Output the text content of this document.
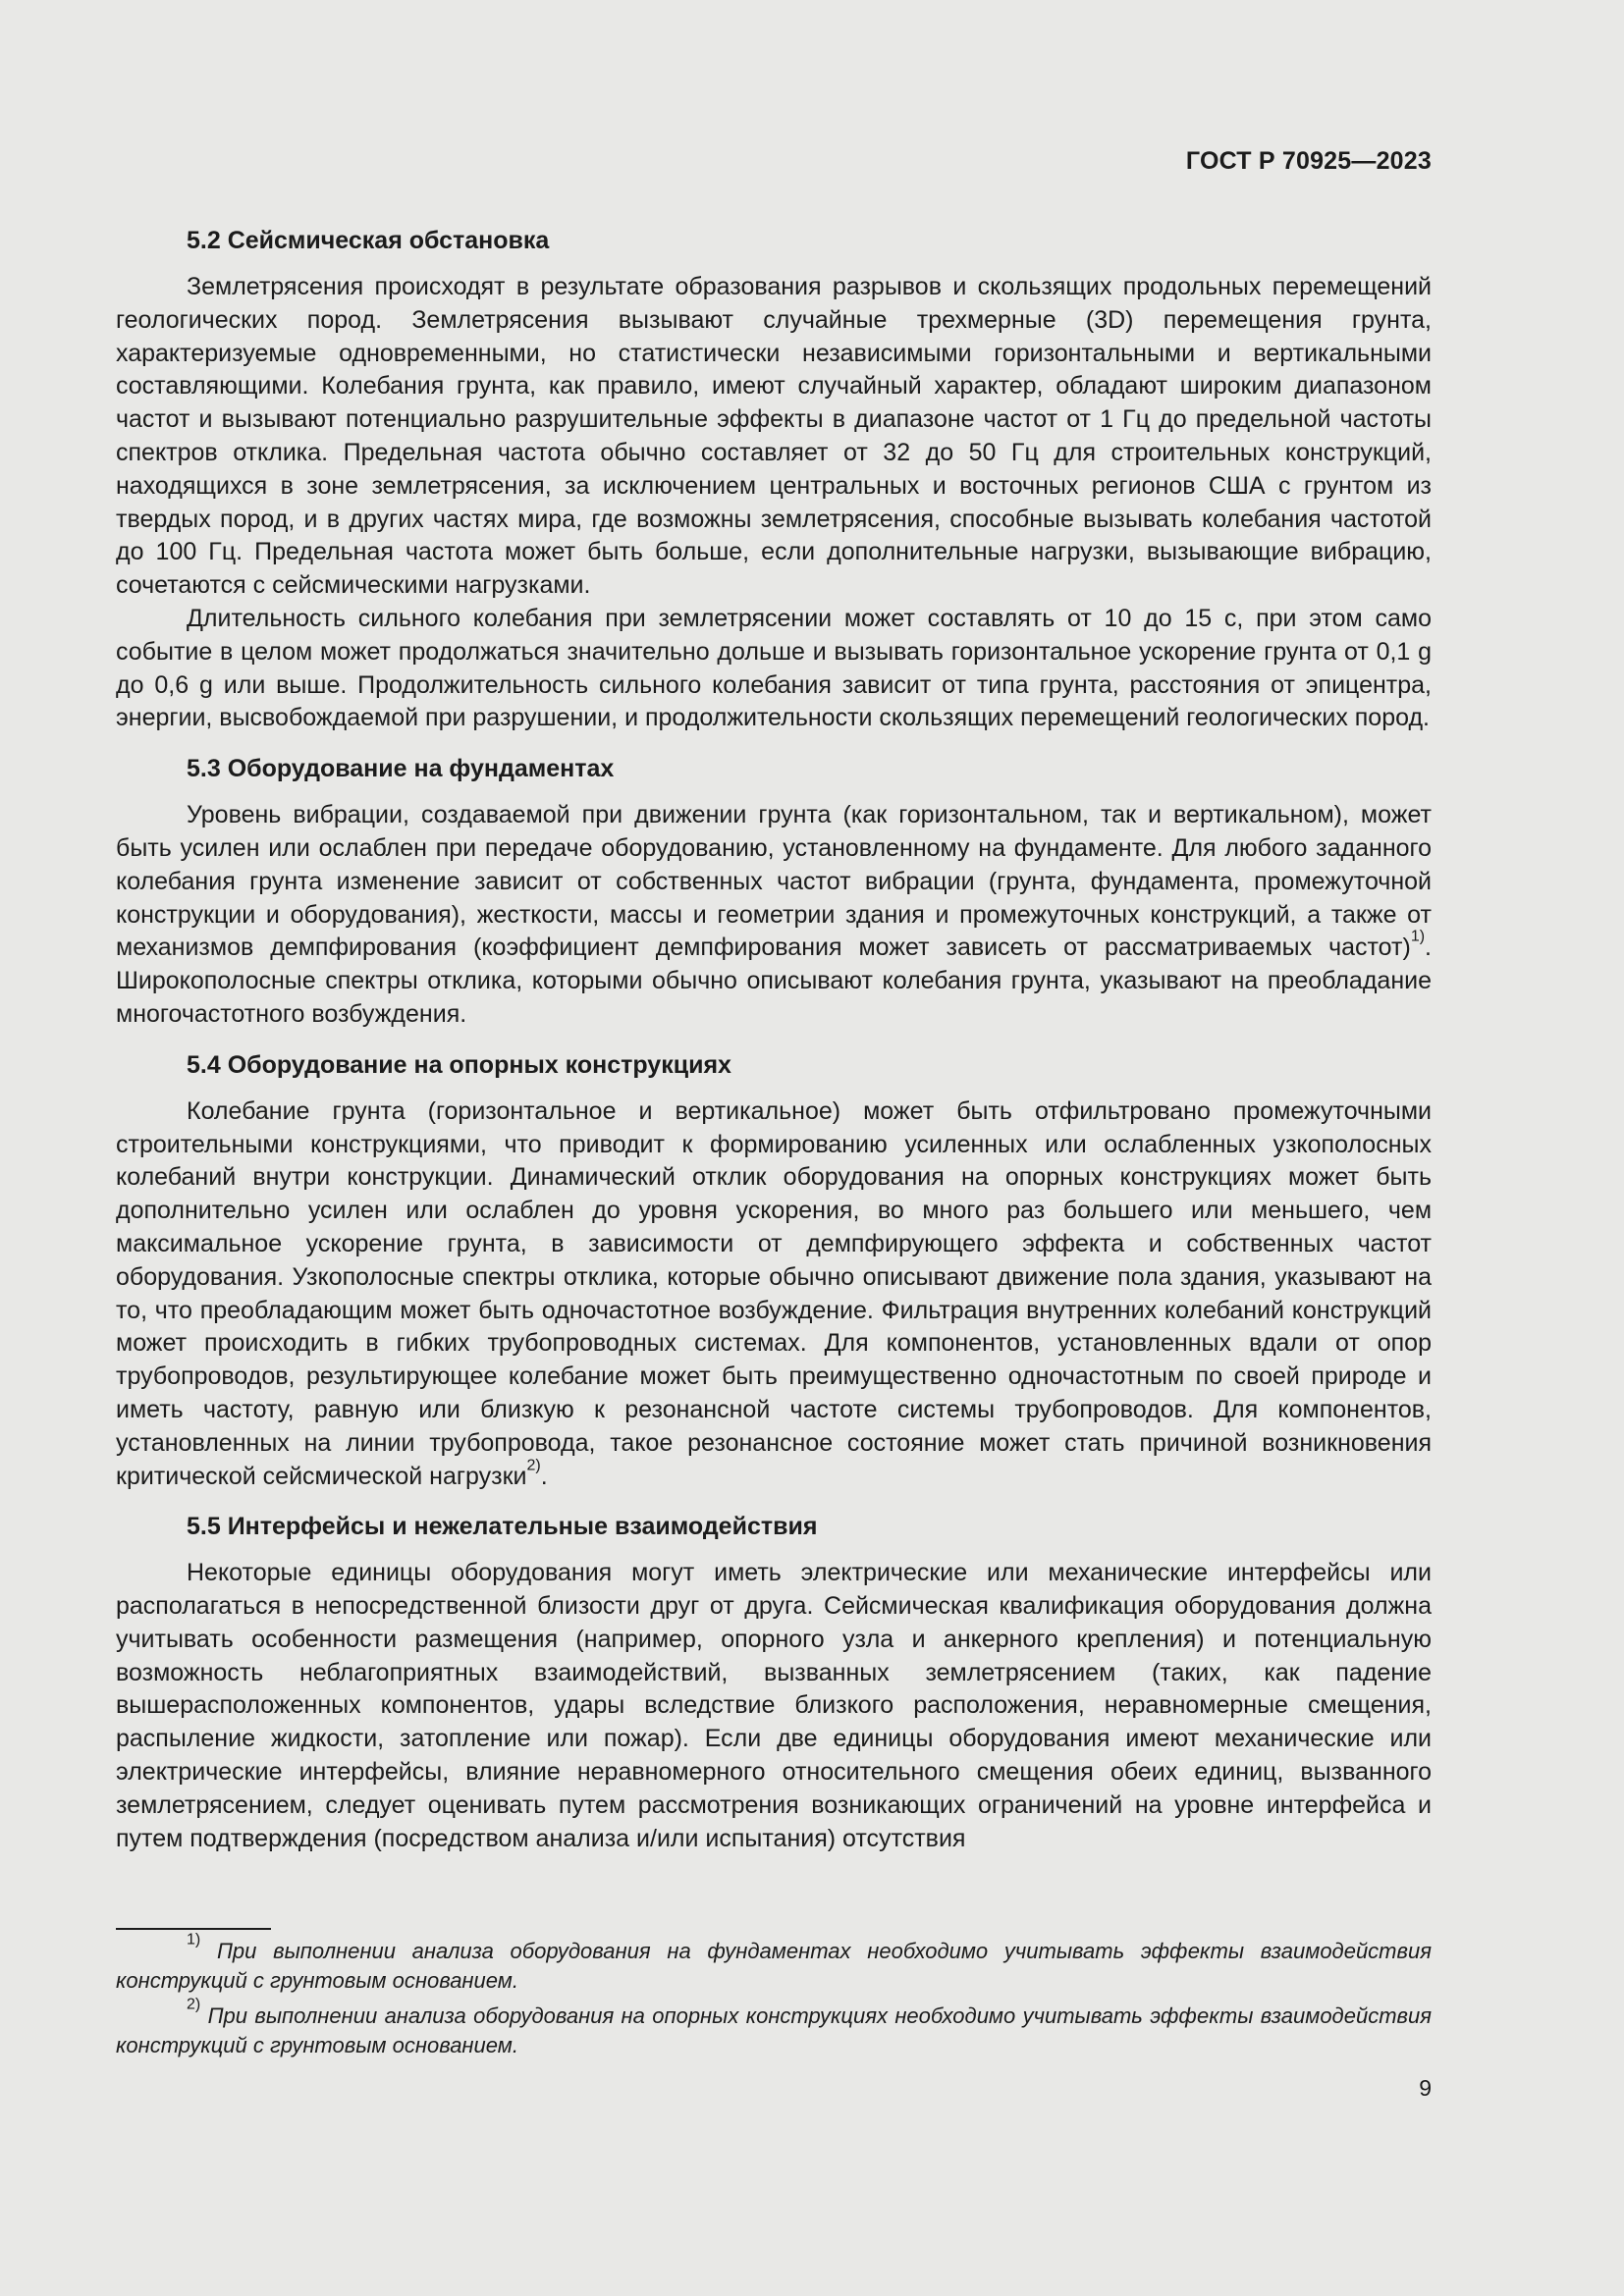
ГОСТ Р 70925—2023
5.2 Сейсмическая обстановка

Землетрясения происходят в результате образования разрывов и скользящих продольных перемещений геологических пород. Землетрясения вызывают случайные трехмерные (3D) перемещения грунта, характеризуемые одновременными, но статистически независимыми горизонтальными и вертикальными составляющими. Колебания грунта, как правило, имеют случайный характер, обладают широким диапазоном частот и вызывают потенциально разрушительные эффекты в диапазоне частот от 1 Гц до предельной частоты спектров отклика. Предельная частота обычно составляет от 32 до 50 Гц для строительных конструкций, находящихся в зоне землетрясения, за исключением центральных и восточных регионов США с грунтом из твердых пород, и в других частях мира, где возможны землетрясения, способные вызывать колебания частотой до 100 Гц. Предельная частота может быть больше, если дополнительные нагрузки, вызывающие вибрацию, сочетаются с сейсмическими нагрузками.

Длительность сильного колебания при землетрясении может составлять от 10 до 15 с, при этом само событие в целом может продолжаться значительно дольше и вызывать горизонтальное ускорение грунта от 0,1 g до 0,6 g или выше. Продолжительность сильного колебания зависит от типа грунта, расстояния от эпицентра, энергии, высвобождаемой при разрушении, и продолжительности скользящих перемещений геологических пород.

5.3 Оборудование на фундаментах

Уровень вибрации, создаваемой при движении грунта (как горизонтальном, так и вертикальном), может быть усилен или ослаблен при передаче оборудованию, установленному на фундаменте. Для любого заданного колебания грунта изменение зависит от собственных частот вибрации (грунта, фундамента, промежуточной конструкции и оборудования), жесткости, массы и геометрии здания и промежуточных конструкций, а также от механизмов демпфирования (коэффициент демпфирования может зависеть от рассматриваемых частот)$^{1)}$. Широкополосные спектры отклика, которыми обычно описывают колебания грунта, указывают на преобладание многочастотного возбуждения.

5.4 Оборудование на опорных конструкциях

Колебание грунта (горизонтальное и вертикальное) может быть отфильтровано промежуточными строительными конструкциями, что приводит к формированию усиленных или ослабленных узкополосных колебаний внутри конструкции. Динамический отклик оборудования на опорных конструкциях может быть дополнительно усилен или ослаблен до уровня ускорения, во много раз большего или меньшего, чем максимальное ускорение грунта, в зависимости от демпфирующего эффекта и собственных частот оборудования. Узкополосные спектры отклика, которые обычно описывают движение пола здания, указывают на то, что преобладающим может быть одночастотное возбуждение. Фильтрация внутренних колебаний конструкций может происходить в гибких трубопроводных системах. Для компонентов, установленных вдали от опор трубопроводов, результирующее колебание может быть преимущественно одночастотным по своей природе и иметь частоту, равную или близкую к резонансной частоте системы трубопроводов. Для компонентов, установленных на линии трубопровода, такое резонансное состояние может стать причиной возникновения критической сейсмической нагрузки$^{2)}$.

5.5 Интерфейсы и нежелательные взаимодействия

Некоторые единицы оборудования могут иметь электрические или механические интерфейсы или располагаться в непосредственной близости друг от друга. Сейсмическая квалификация оборудования должна учитывать особенности размещения (например, опорного узла и анкерного крепления) и потенциальную возможность неблагоприятных взаимодействий, вызванных землетрясением (таких, как падение вышерасположенных компонентов, удары вследствие близкого расположения, неравномерные смещения, распыление жидкости, затопление или пожар). Если две единицы оборудования имеют механические или электрические интерфейсы, влияние неравномерного относительного смещения обеих единиц, вызванного землетрясением, следует оценивать путем рассмотрения возникающих ограничений на уровне интерфейса и путем подтверждения (посредством анализа и/или испытания) отсутствия

$^{1)}$ При выполнении анализа оборудования на фундаментах необходимо учитывать эффекты взаимодействия конструкций с грунтовым основанием.

$^{2)}$ При выполнении анализа оборудования на опорных конструкциях необходимо учитывать эффекты взаимодействия конструкций с грунтовым основанием.

9
